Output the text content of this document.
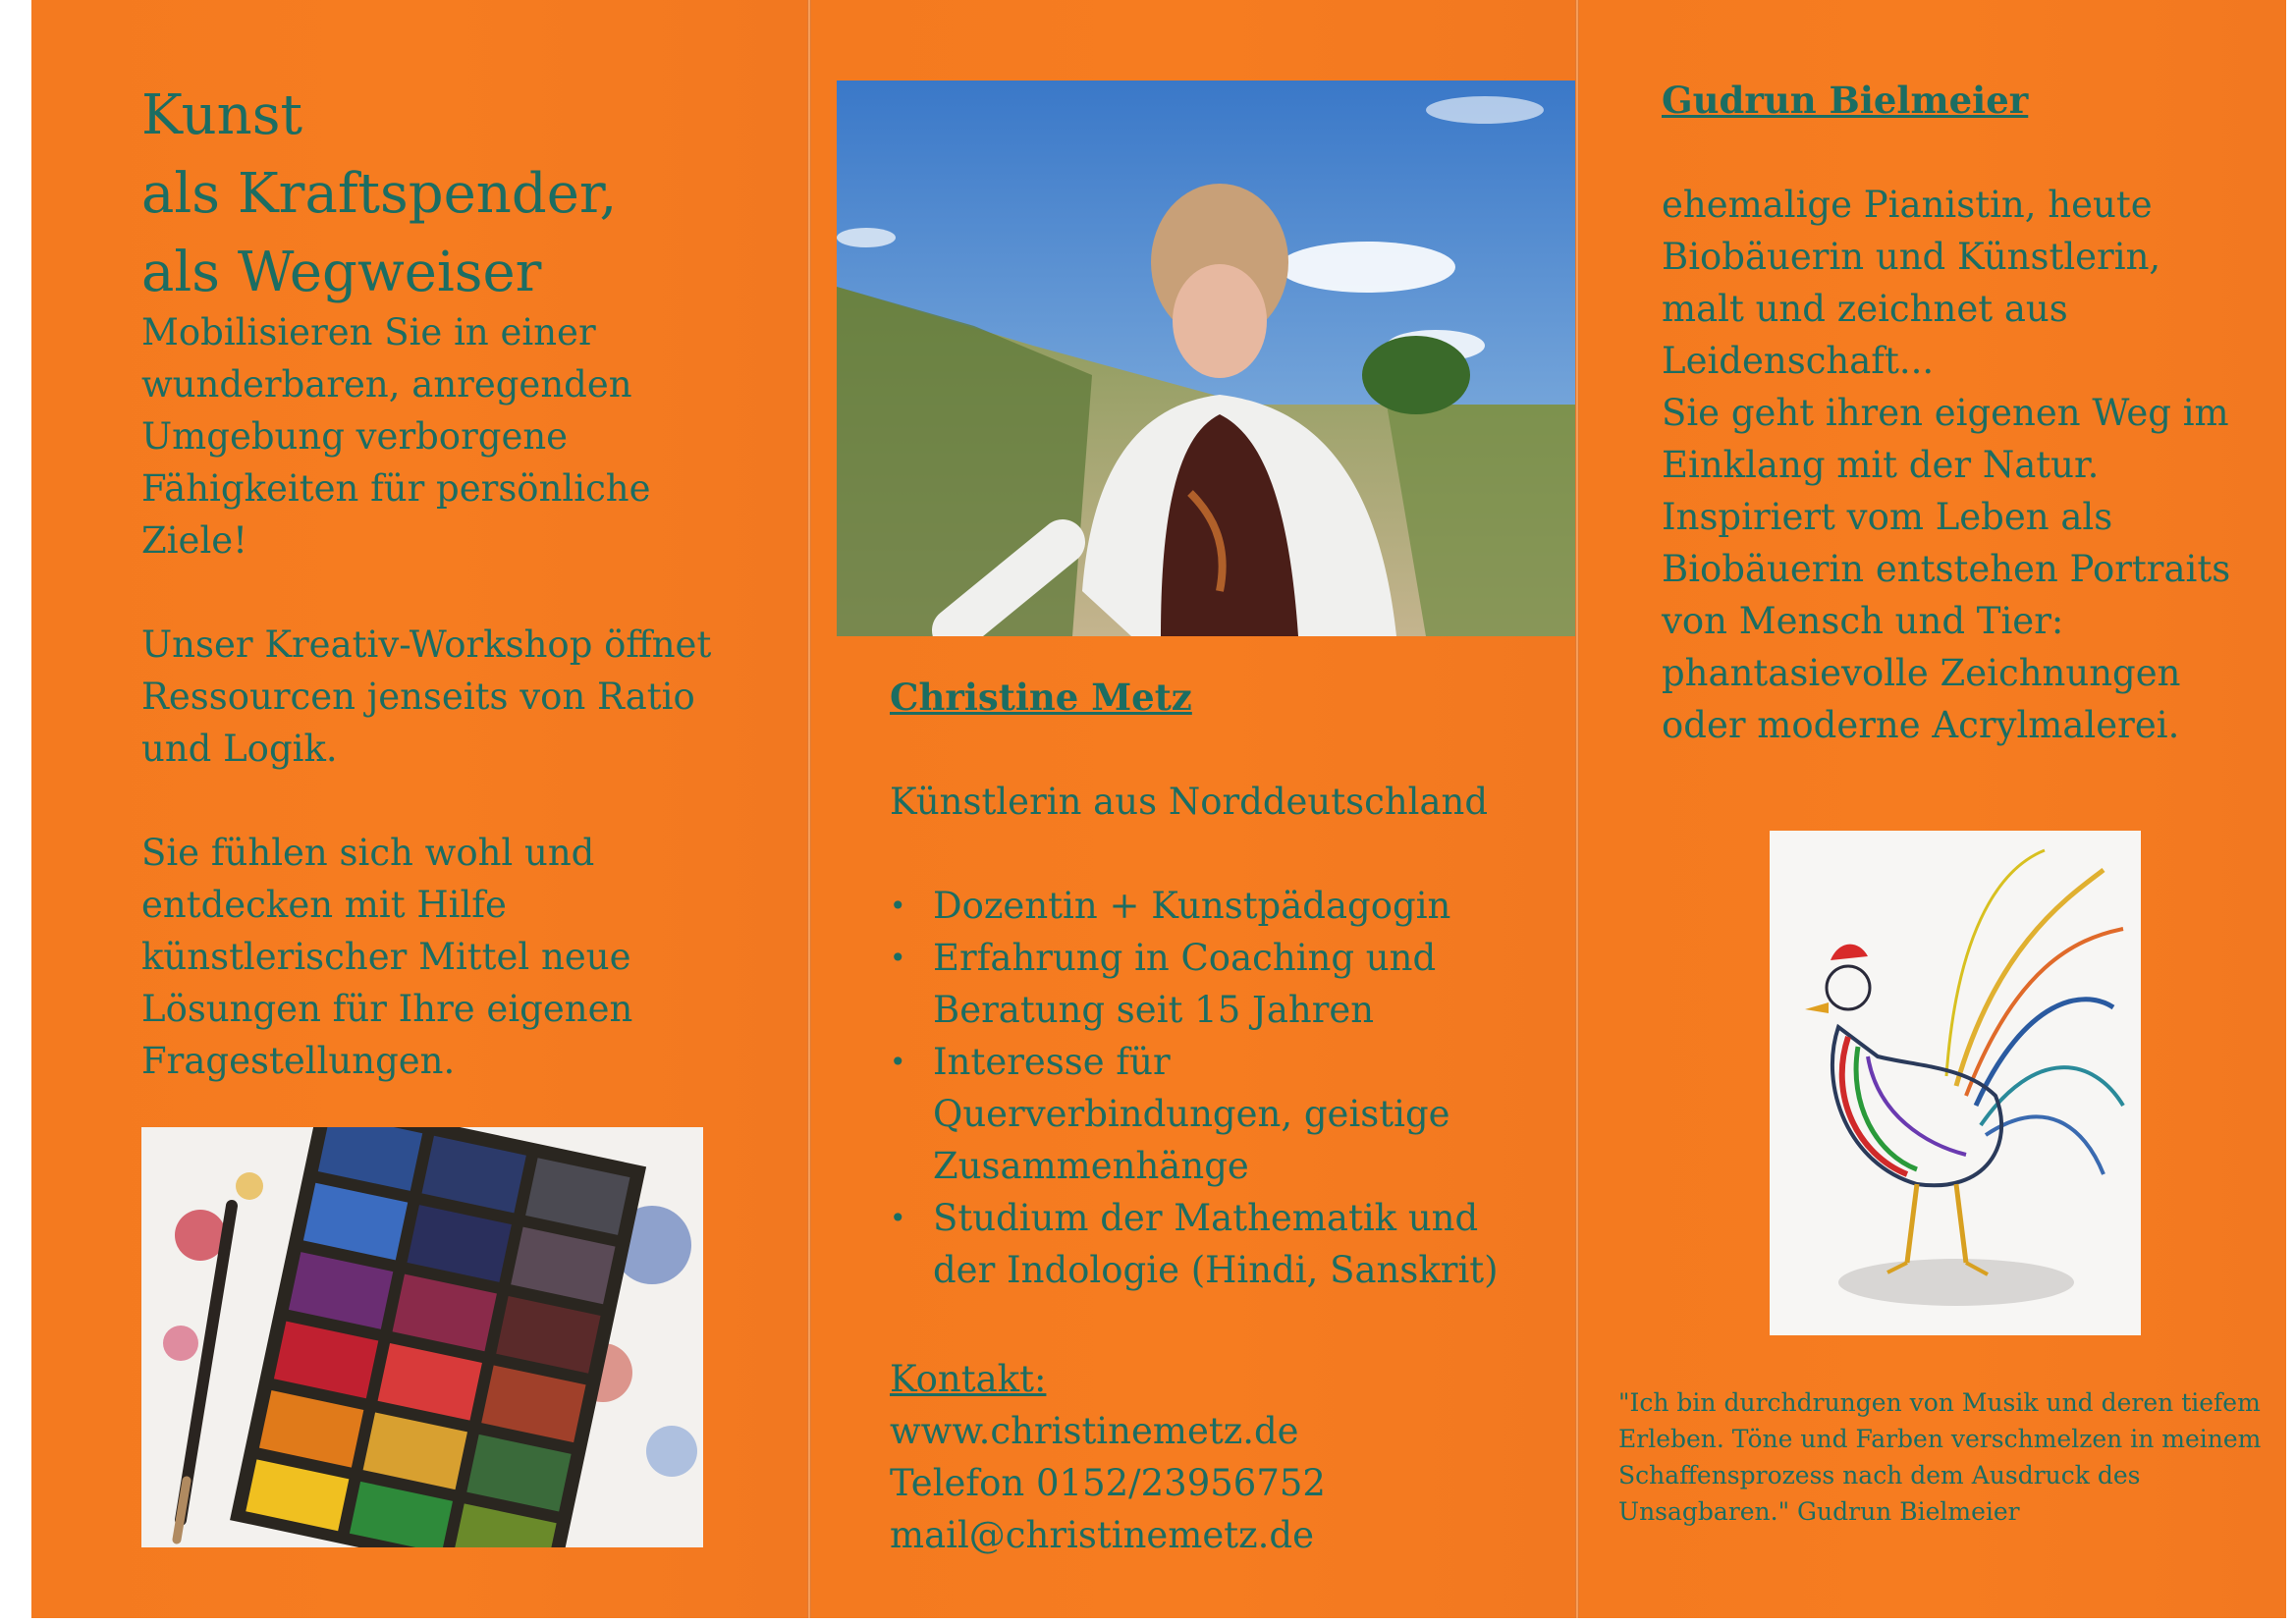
Kunst
als Kraftspender,
als Wegweiser

Mobilisieren Sie in einer wunderbaren, anregenden Umgebung verborgene Fähigkeiten für persönliche Ziele!

Unser Kreativ-Workshop öffnet Ressourcen jenseits von Ratio und Logik.

Sie fühlen sich wohl und entdecken mit Hilfe künstlerischer Mittel neue Lösungen für Ihre eigenen Fragestellungen.

Christine Metz

Künstlerin aus Norddeutschland

• Dozentin + Kunstpädagogin
• Erfahrung in Coaching und Beratung seit 15 Jahren
• Interesse für Querverbindungen, geistige Zusammenhänge
• Studium der Mathematik und der Indologie (Hindi, Sanskrit)
Kontakt:
www.christinemetz.de
Telefon 0152/23956752
mail@christinemetz.de
Gudrun Bielmeier

ehemalige Pianistin, heute Biobäuerin und Künstlerin, malt und zeichnet aus Leidenschaft...

Sie geht ihren eigenen Weg im Einklang mit der Natur.

Inspiriert vom Leben als Biobäuerin entstehen Portraits von Mensch und Tier: phantasievolle Zeichnungen oder moderne Acrylmalerei.

"Ich bin durchdrungen von Musik und deren tiefem Erleben. Töne und Farben verschmelzen in meinem Schaffensprozess nach dem Ausdruck des Unsagbaren." Gudrun Bielmeier
